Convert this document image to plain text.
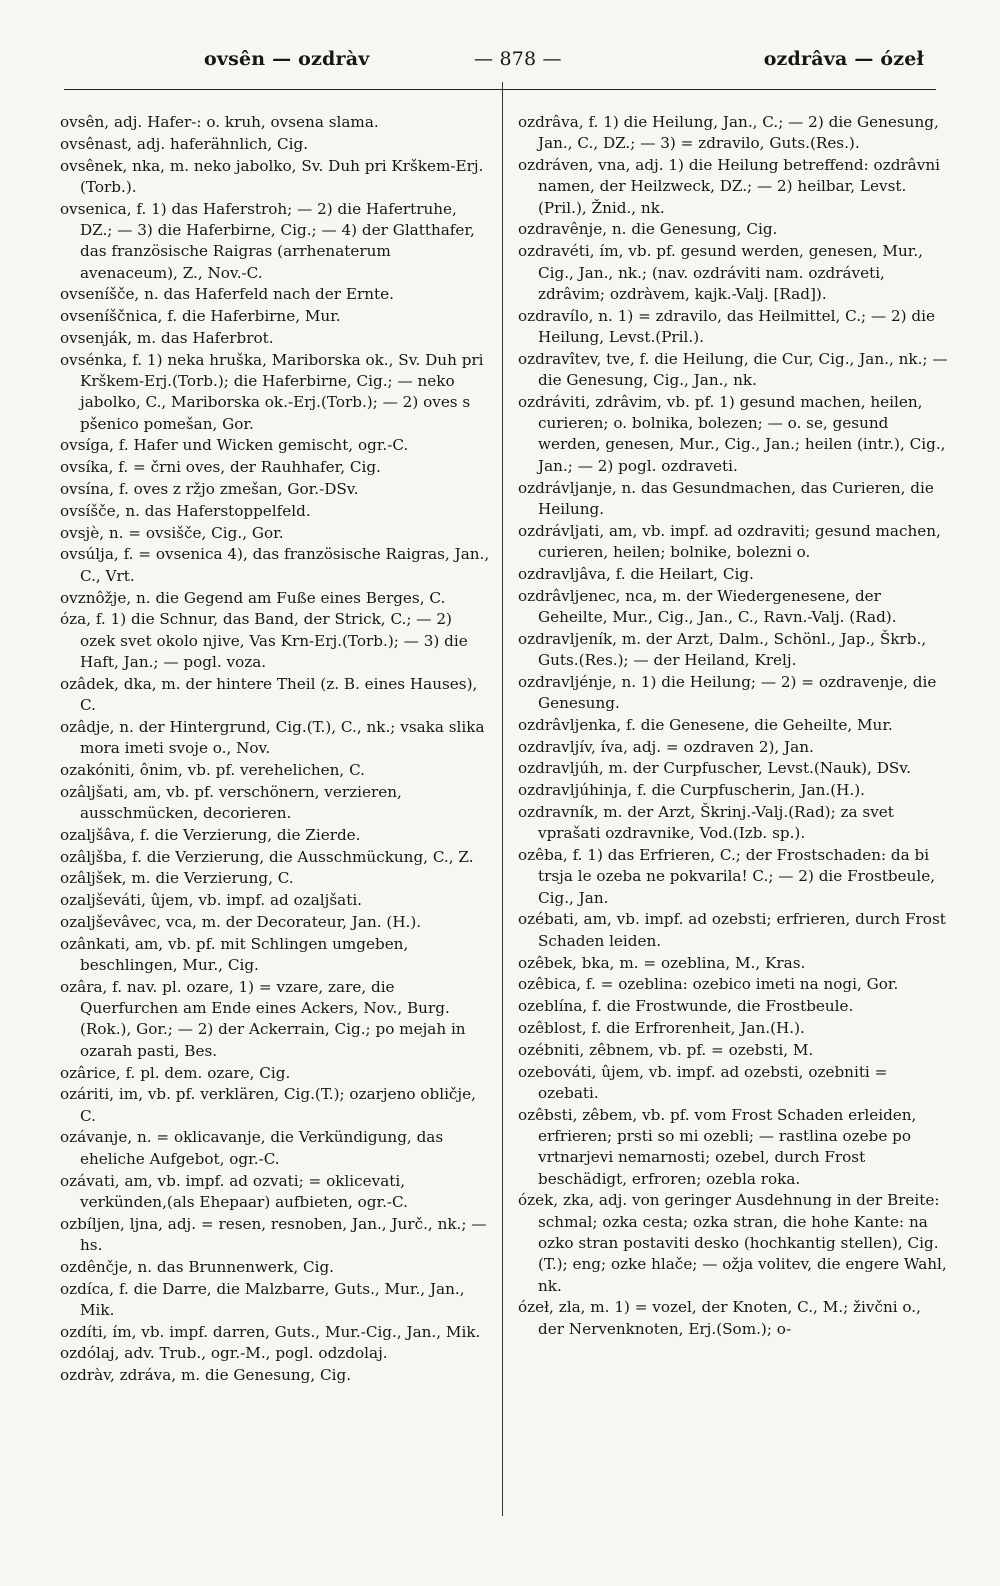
ovsên — ozdràv	— 878 —	ozdrâva — ózeł

ovsên, adj. Hafer-: o. kruh, ovsena slama.

ovsênast, adj. haferähnlich, Cig.

ovsênek, nka, m. neko jabolko, Sv. Duh pri Krškem-Erj.(Torb.).

ovsenica, f. 1) das Haferstroh; — 2) die Hafertruhe, DZ.; — 3) die Haferbirne, Cig.; — 4) der Glatthafer, das französische Raigras (arrhenaterum avenaceum), Z., Nov.-C.

ovseníšče, n. das Haferfeld nach der Ernte.

ovseníščnica, f. die Haferbirne, Mur.

ovsenják, m. das Haferbrot.

ovsénka, f. 1) neka hruška, Mariborska ok., Sv. Duh pri Krškem-Erj.(Torb.); die Haferbirne, Cig.; — neko jabolko, C., Mariborska ok.-Erj.(Torb.); — 2) oves s pšenico pomešan, Gor.

ovsíga, f. Hafer und Wicken gemischt, ogr.-C.

ovsíka, f. = črni oves, der Rauhhafer, Cig.

ovsína, f. oves z ržjo zmešan, Gor.-DSv.

ovsíšče, n. das Haferstoppelfeld.

ovsjè, n. = ovsišče, Cig., Gor.

ovsúlja, f. = ovsenica 4), das französische Raigras, Jan., C., Vrt.

ovznôžje, n. die Gegend am Fuße eines Berges, C.

óza, f. 1) die Schnur, das Band, der Strick, C.; — 2) ozek svet okolo njive, Vas Krn-Erj.(Torb.); — 3) die Haft, Jan.; — pogl. voza.

ozâdek, dka, m. der hintere Theil (z. B. eines Hauses), C.

ozâdje, n. der Hintergrund, Cig.(T.), C., nk.; vsaka slika mora imeti svoje o., Nov.

ozakóniti, ônim, vb. pf. verehelichen, C.

ozâljšati, am, vb. pf. verschönern, verzieren, ausschmücken, decorieren.

ozaljšâva, f. die Verzierung, die Zierde.

ozâljšba, f. die Verzierung, die Ausschmückung, C., Z.

ozâljšek, m. die Verzierung, C.

ozaljševáti, ûjem, vb. impf. ad ozaljšati.

ozaljševâvec, vca, m. der Decorateur, Jan. (H.).

ozânkati, am, vb. pf. mit Schlingen umgeben, beschlingen, Mur., Cig.

ozâra, f. nav. pl. ozare, 1) = vzare, zare, die Querfurchen am Ende eines Ackers, Nov., Burg.(Rok.), Gor.; — 2) der Ackerrain, Cig.; po mejah in ozarah pasti, Bes.

ozârice, f. pl. dem. ozare, Cig.

ozáriti, im, vb. pf. verklären, Cig.(T.); ozarjeno obličje, C.

ozávanje, n. = oklicavanje, die Verkündigung, das eheliche Aufgebot, ogr.-C.

ozávati, am, vb. impf. ad ozvati; = oklicevati, verkünden,(als Ehepaar) aufbieten, ogr.-C.

ozbíljen, ljna, adj. = resen, resnoben, Jan., Jurč., nk.; — hs.

ozdênčje, n. das Brunnenwerk, Cig.

ozdíca, f. die Darre, die Malzbarre, Guts., Mur., Jan., Mik.

ozdíti, ím, vb. impf. darren, Guts., Mur.-Cig., Jan., Mik.

ozdólaj, adv. Trub., ogr.-M., pogl. odzdolaj.

ozdràv, zdráva, m. die Genesung, Cig.

ozdrâva, f. 1) die Heilung, Jan., C.; — 2) die Genesung, Jan., C., DZ.; — 3) = zdravilo, Guts.(Res.).

ozdráven, vna, adj. 1) die Heilung betreffend: ozdrâvni namen, der Heilzweck, DZ.; — 2) heilbar, Levst.(Pril.), Žnid., nk.

ozdravênje, n. die Genesung, Cig.

ozdravéti, ím, vb. pf. gesund werden, genesen, Mur., Cig., Jan., nk.; (nav. ozdráviti nam. ozdráveti, zdrâvim; ozdràvem, kajk.-Valj. [Rad]).

ozdravílo, n. 1) = zdravilo, das Heilmittel, C.; — 2) die Heilung, Levst.(Pril.).

ozdravîtev, tve, f. die Heilung, die Cur, Cig., Jan., nk.; — die Genesung, Cig., Jan., nk.

ozdráviti, zdrâvim, vb. pf. 1) gesund machen, heilen, curieren; o. bolnika, bolezen; — o. se, gesund werden, genesen, Mur., Cig., Jan.; heilen (intr.), Cig., Jan.; — 2) pogl. ozdraveti.

ozdrávljanje, n. das Gesundmachen, das Curieren, die Heilung.

ozdrávljati, am, vb. impf. ad ozdraviti; gesund machen, curieren, heilen; bolnike, bolezni o.

ozdravljâva, f. die Heilart, Cig.

ozdrâvljenec, nca, m. der Wiedergenesene, der Geheilte, Mur., Cig., Jan., C., Ravn.-Valj. (Rad).

ozdravljeník, m. der Arzt, Dalm., Schönl., Jap., Škrb., Guts.(Res.); — der Heiland, Krelj.

ozdravljénje, n. 1) die Heilung; — 2) = ozdravenje, die Genesung.

ozdrâvljenka, f. die Genesene, die Geheilte, Mur.

ozdravljív, íva, adj. = ozdraven 2), Jan.

ozdravljúh, m. der Curpfuscher, Levst.(Nauk), DSv.

ozdravljúhinja, f. die Curpfuscherin, Jan.(H.).

ozdravník, m. der Arzt, Škrinj.-Valj.(Rad); za svet vprašati ozdravnike, Vod.(Izb. sp.).

ozêba, f. 1) das Erfrieren, C.; der Frostschaden: da bi trsja le ozeba ne pokvarila! C.; — 2) die Frostbeule, Cig., Jan.

ozébati, am, vb. impf. ad ozebsti; erfrieren, durch Frost Schaden leiden.

ozêbek, bka, m. = ozeblina, M., Kras.

ozêbica, f. = ozeblina: ozebico imeti na nogi, Gor.

ozeblína, f. die Frostwunde, die Frostbeule.

ozêblost, f. die Erfrorenheit, Jan.(H.).

ozébniti, zêbnem, vb. pf. = ozebsti, M.

ozebováti, ûjem, vb. impf. ad ozebsti, ozebniti = ozebati.

ozêbsti, zêbem, vb. pf. vom Frost Schaden erleiden, erfrieren; prsti so mi ozebli; — rastlina ozebe po vrtnarjevi nemarnosti; ozebel, durch Frost beschädigt, erfroren; ozebla roka.

ózek, zka, adj. von geringer Ausdehnung in der Breite: schmal; ozka cesta; ozka stran, die hohe Kante: na ozko stran postaviti desko (hochkantig stellen), Cig.(T.); eng; ozke hlače; — ožja volitev, die engere Wahl, nk.

ózeł, zla, m. 1) = vozel, der Knoten, C., M.; živčni o., der Nervenknoten, Erj.(Som.); o-
